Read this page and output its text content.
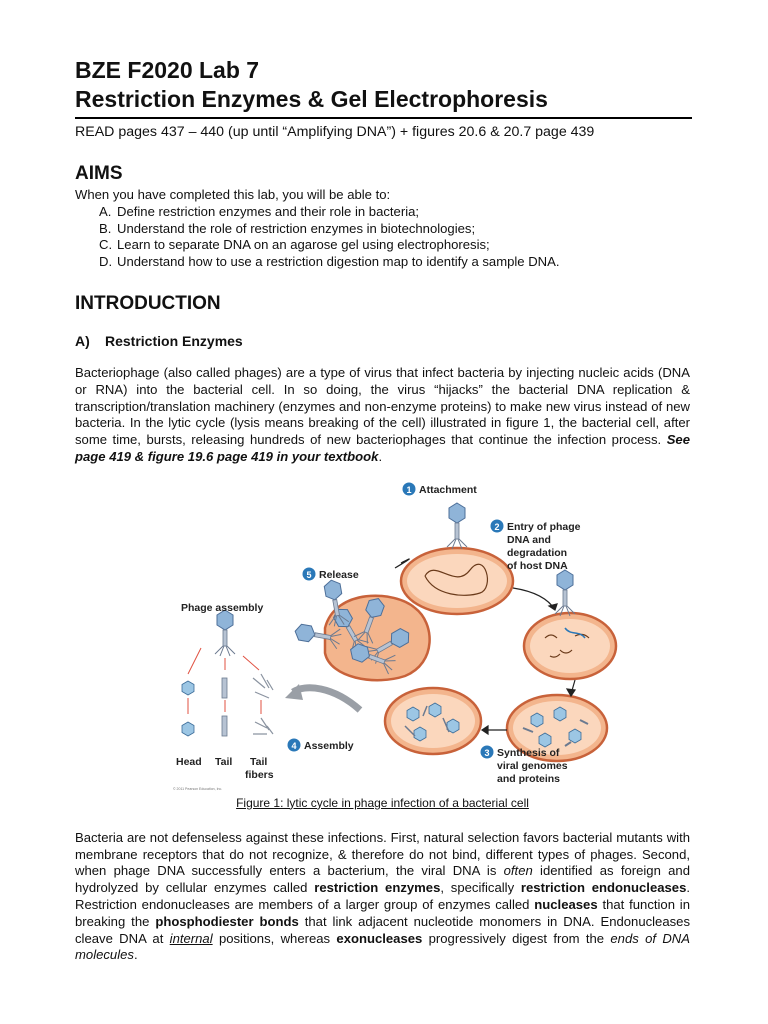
BZE F2020 Lab 7
Restriction Enzymes & Gel Electrophoresis
READ pages 437 – 440 (up until “Amplifying DNA”) + figures 20.6 & 20.7 page 439
AIMS

When you have completed this lab, you will be able to:

A. Define restriction enzymes and their role in bacteria;
B. Understand the role of restriction enzymes in biotechnologies;
C. Learn to separate DNA on an agarose gel using electrophoresis;
D. Understand how to use a restriction digestion map to identify a sample DNA.
INTRODUCTION
A) Restriction Enzymes

Bacteriophage (also called phages) are a type of virus that infect bacteria by injecting nucleic acids (DNA or RNA) into the bacterial cell. In so doing, the virus “hijacks” the bacterial DNA replication & transcription/translation machinery (enzymes and non-enzyme proteins) to make new virus instead of new bacteria. In the lytic cycle (lysis means breaking of the cell) illustrated in figure 1, the bacterial cell, after some time, bursts, releasing hundreds of new bacteriophages that continue the infection process. See page 419 & figure 19.6 page 419 in your textbook.

1 Attachment
2 Entry of phage
DNA and
degradation
of host DNA
3 Synthesis of
viral genomes
and proteins
4 Assembly
5 Release
Phage assembly
Head Tail Tail
fibers
© 2011 Pearson Education, Inc.
Figure 1: lytic cycle in phage infection of a bacterial cell

Bacteria are not defenseless against these infections. First, natural selection favors bacterial mutants with membrane receptors that do not recognize, & therefore do not bind, different types of phages. Second, when phage DNA successfully enters a bacterium, the viral DNA is often identified as foreign and hydrolyzed by cellular enzymes called restriction enzymes, specifically restriction endonucleases. Restriction endonucleases are members of a larger group of enzymes called nucleases that function in breaking the phosphodiester bonds that link adjacent nucleotide monomers in DNA. Endonucleases cleave DNA at internal positions, whereas exonucleases progressively digest from the ends of DNA molecules.
